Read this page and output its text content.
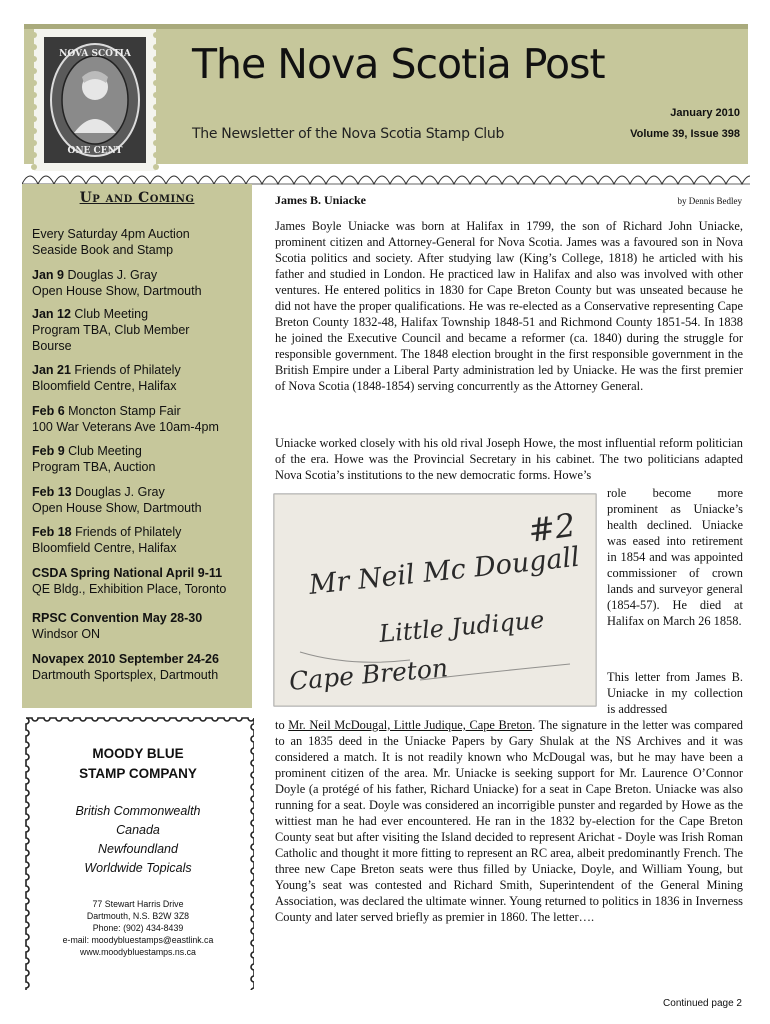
NOVA SCOTIA
ONE CENT
The Nova Scotia Post
The Newsletter of the Nova Scotia Stamp Club
January 2010
Volume 39, Issue 398
Up and Coming
Every Saturday 4pm Auction
Seaside Book and Stamp
Jan 9 Douglas J. Gray
Open House Show, Dartmouth
Jan 12 Club Meeting
Program TBA, Club Member
Bourse
Jan 21 Friends of Philately
Bloomfield Centre, Halifax
Feb 6 Moncton Stamp Fair
100 War Veterans Ave 10am-4pm
Feb 9 Club Meeting
Program TBA, Auction
Feb 13 Douglas J. Gray
Open House Show, Dartmouth
Feb 18 Friends of Philately
Bloomfield Centre, Halifax
CSDA Spring National April 9-11
QE Bldg., Exhibition Place, Toronto
RPSC Convention May 28-30
Windsor ON
Novapex 2010 September 24-26
Dartmouth Sportsplex, Dartmouth
MOODY BLUE
STAMP COMPANY
British Commonwealth
Canada
Newfoundland
Worldwide Topicals
77 Stewart Harris Drive
Dartmouth, N.S. B2W 3Z8
Phone: (902) 434-8439
e-mail: moodybluestamps@eastlink.ca
www.moodybluestamps.ns.ca
James B. Uniacke	by Dennis Bedley
James Boyle Uniacke was born at Halifax in 1799, the son of Richard John Uniacke, prominent citizen and Attorney-General for Nova Scotia. James was a favoured son in Nova Scotia politics and society. After studying law (King’s College, 1818) he articled with his father and studied in London. He practiced law in Halifax and also was involved with other ventures. He entered politics in 1830 for Cape Breton County but was unseated because he did not have the proper qualifications. He was re-elected as a Conservative representing Cape Breton County 1832-48, Halifax Township 1848-51 and Richmond County 1851-54. In 1838 he joined the Executive Council and became a reformer (ca. 1840) during the struggle for responsible government. The 1848 election brought in the first responsible government in the British Empire under a Liberal Party administration led by Uniacke. He was the first premier of Nova Scotia (1848-1854) serving concurrently as the Attorney General.
Uniacke worked closely with his old rival Joseph Howe, the most influential reform politician of the era. Howe was the Provincial Secretary in his cabinet. The two politicians adapted Nova Scotia’s institutions to the new democratic forms. Howe’s
#2
Mr Neil Mc Dougall
Little Judique
Cape Breton
role become more prominent as Uniacke’s health declined. Uniacke was eased into retirement in 1854 and was appointed commissioner of crown lands and surveyor general (1854-57). He died at Halifax on March 26 1858.
This letter from James B. Uniacke in my collection is addressed
to Mr. Neil McDougal, Little Judique, Cape Breton. The signature in the letter was compared to an 1835 deed in the Uniacke Papers by Gary Shulak at the NS Archives and it was considered a match. It is not readily known who McDougal was, but he may have been a prominent citizen of the area. Mr. Uniacke is seeking support for Mr. Laurence O’Connor Doyle (a protégé of his father, Richard Uniacke) for a seat in Cape Breton. Uniacke was also running for a seat. Doyle was considered an incorrigible punster and regarded by Howe as the wittiest man he had ever encountered. He ran in the 1832 by-election for the Cape Breton County seat but after visiting the Island decided to represent Arichat - Doyle was Irish Roman Catholic and thought it more fitting to represent an RC area, albeit predominantly French. The three new Cape Breton seats were thus filled by Uniacke, Doyle, and William Young, but Young’s seat was contested and Richard Smith, Superintendent of the General Mining Association, was declared the ultimate winner. Young returned to politics in 1836 in Inverness County and later served briefly as premier in 1860. The letter….
Continued page 2
